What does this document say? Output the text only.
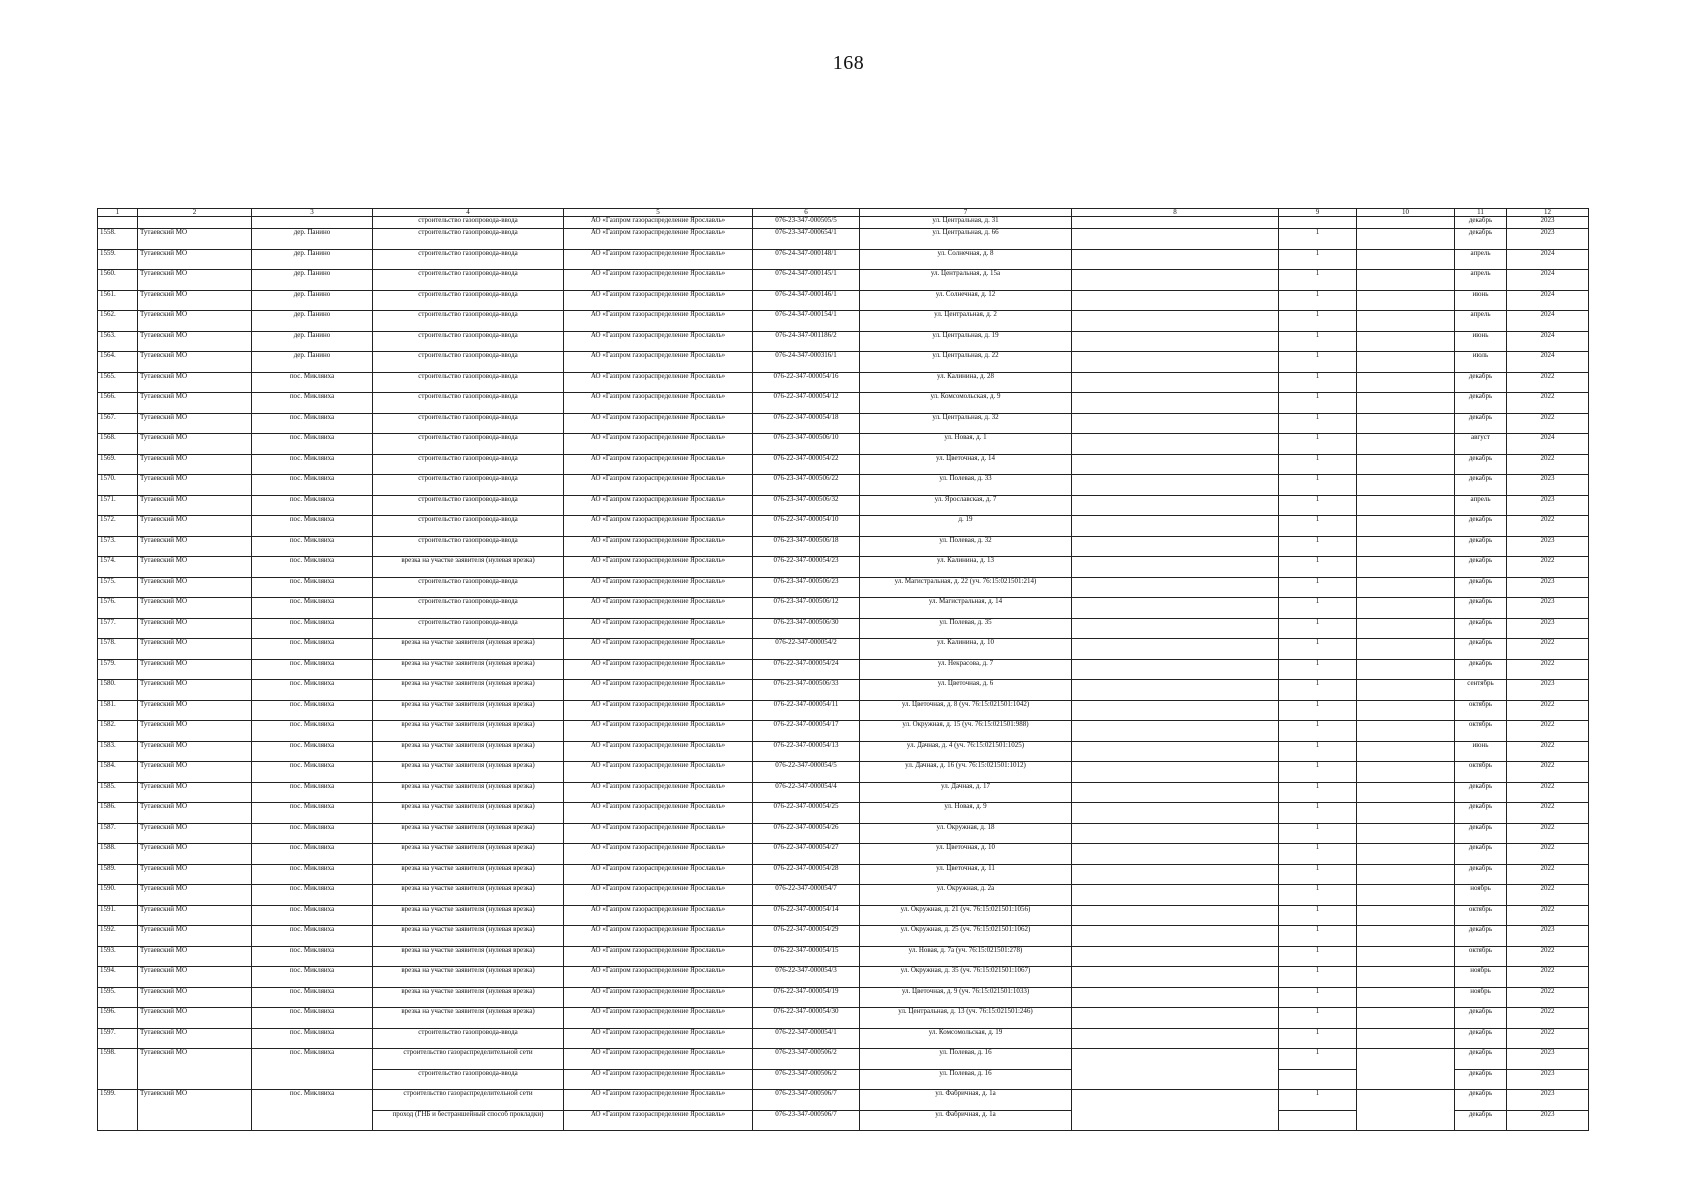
168
1	2	3	4	5	6	7	8	9	10	11	12
			строительство газопровода-ввода	АО «Газпром газораспределение Ярославль»	076-23-347-000505/5	ул. Центральная, д. 31				декабрь	2023
1558.	Тутаевский МО	дер. Панино	строительство газопровода-ввода	АО «Газпром газораспределение Ярославль»	076-23-347-000654/1	ул. Центральная, д. 66		1		декабрь	2023
1559.	Тутаевский МО	дер. Панино	строительство газопровода-ввода	АО «Газпром газораспределение Ярославль»	076-24-347-000148/1	ул. Солнечная, д. 8		1		апрель	2024
1560.	Тутаевский МО	дер. Панино	строительство газопровода-ввода	АО «Газпром газораспределение Ярославль»	076-24-347-000145/1	ул. Центральная, д. 15а		1		апрель	2024
1561.	Тутаевский МО	дер. Панино	строительство газопровода-ввода	АО «Газпром газораспределение Ярославль»	076-24-347-000146/1	ул. Солнечная, д. 12		1		июнь	2024
1562.	Тутаевский МО	дер. Панино	строительство газопровода-ввода	АО «Газпром газораспределение Ярославль»	076-24-347-000154/1	ул. Центральная, д. 2		1		апрель	2024
1563.	Тутаевский МО	дер. Панино	строительство газопровода-ввода	АО «Газпром газораспределение Ярославль»	076-24-347-001186/2	ул. Центральная, д. 19		1		июнь	2024
1564.	Тутаевский МО	дер. Панино	строительство газопровода-ввода	АО «Газпром газораспределение Ярославль»	076-24-347-000316/1	ул. Центральная, д. 22		1		июль	2024
1565.	Тутаевский МО	пос. Микляиха	строительство газопровода-ввода	АО «Газпром газораспределение Ярославль»	076-22-347-000054/16	ул. Калинина, д. 28		1		декабрь	2022
1566.	Тутаевский МО	пос. Микляиха	строительство газопровода-ввода	АО «Газпром газораспределение Ярославль»	076-22-347-000054/12	ул. Комсомольская, д. 9		1		декабрь	2022
1567.	Тутаевский МО	пос. Микляиха	строительство газопровода-ввода	АО «Газпром газораспределение Ярославль»	076-22-347-000054/18	ул. Центральная, д. 32		1		декабрь	2022
1568.	Тутаевский МО	пос. Микляиха	строительство газопровода-ввода	АО «Газпром газораспределение Ярославль»	076-23-347-000506/10	ул. Новая, д. 1		1		август	2024
1569.	Тутаевский МО	пос. Микляиха	строительство газопровода-ввода	АО «Газпром газораспределение Ярославль»	076-22-347-000054/22	ул. Цветочная, д. 14		1		декабрь	2022
1570.	Тутаевский МО	пос. Микляиха	строительство газопровода-ввода	АО «Газпром газораспределение Ярославль»	076-23-347-000506/22	ул. Полевая, д. 33		1		декабрь	2023
1571.	Тутаевский МО	пос. Микляиха	строительство газопровода-ввода	АО «Газпром газораспределение Ярославль»	076-23-347-000506/32	ул. Ярославская, д. 7		1		апрель	2023
1572.	Тутаевский МО	пос. Микляиха	строительство газопровода-ввода	АО «Газпром газораспределение Ярославль»	076-22-347-000054/10	д. 19		1		декабрь	2022
1573.	Тутаевский МО	пос. Микляиха	строительство газопровода-ввода	АО «Газпром газораспределение Ярославль»	076-23-347-000506/18	ул. Полевая, д. 32		1		декабрь	2023
1574.	Тутаевский МО	пос. Микляиха	врезка на участке заявителя (нулевая врезка)	АО «Газпром газораспределение Ярославль»	076-22-347-000054/23	ул. Калинина, д. 13		1		декабрь	2022
1575.	Тутаевский МО	пос. Микляиха	строительство газопровода-ввода	АО «Газпром газораспределение Ярославль»	076-23-347-000506/23	ул. Магистральная, д. 22 (уч. 76:15:021501:214)		1		декабрь	2023
1576.	Тутаевский МО	пос. Микляиха	строительство газопровода-ввода	АО «Газпром газораспределение Ярославль»	076-23-347-000506/12	ул. Магистральная, д. 14		1		декабрь	2023
1577.	Тутаевский МО	пос. Микляиха	строительство газопровода-ввода	АО «Газпром газораспределение Ярославль»	076-23-347-000506/30	ул. Полевая, д. 35		1		декабрь	2023
1578.	Тутаевский МО	пос. Микляиха	врезка на участке заявителя (нулевая врезка)	АО «Газпром газораспределение Ярославль»	076-22-347-000054/2	ул. Калинина, д. 10		1		декабрь	2022
1579.	Тутаевский МО	пос. Микляиха	врезка на участке заявителя (нулевая врезка)	АО «Газпром газораспределение Ярославль»	076-22-347-000054/24	ул. Некрасова, д. 7		1		декабрь	2022
1580.	Тутаевский МО	пос. Микляиха	врезка на участке заявителя (нулевая врезка)	АО «Газпром газораспределение Ярославль»	076-23-347-000506/33	ул. Цветочная, д. 6		1		сентябрь	2023
1581.	Тутаевский МО	пос. Микляиха	врезка на участке заявителя (нулевая врезка)	АО «Газпром газораспределение Ярославль»	076-22-347-000054/11	ул. Цветочная, д. 8 (уч. 76:15:021501:1042)		1		октябрь	2022
1582.	Тутаевский МО	пос. Микляиха	врезка на участке заявителя (нулевая врезка)	АО «Газпром газораспределение Ярославль»	076-22-347-000054/17	ул. Окружная, д. 15 (уч. 76:15:021501:988)		1		октябрь	2022
1583.	Тутаевский МО	пос. Микляиха	врезка на участке заявителя (нулевая врезка)	АО «Газпром газораспределение Ярославль»	076-22-347-000054/13	ул. Дачная, д. 4 (уч. 76:15:021501:1025)		1		июнь	2022
1584.	Тутаевский МО	пос. Микляиха	врезка на участке заявителя (нулевая врезка)	АО «Газпром газораспределение Ярославль»	076-22-347-000054/5	ул. Дачная, д. 16 (уч. 76:15:021501:1012)		1		октябрь	2022
1585.	Тутаевский МО	пос. Микляиха	врезка на участке заявителя (нулевая врезка)	АО «Газпром газораспределение Ярославль»	076-22-347-000054/4	ул. Дачная, д. 17		1		декабрь	2022
1586.	Тутаевский МО	пос. Микляиха	врезка на участке заявителя (нулевая врезка)	АО «Газпром газораспределение Ярославль»	076-22-347-000054/25	ул. Новая, д. 9		1		декабрь	2022
1587.	Тутаевский МО	пос. Микляиха	врезка на участке заявителя (нулевая врезка)	АО «Газпром газораспределение Ярославль»	076-22-347-000054/26	ул. Окружная, д. 18		1		декабрь	2022
1588.	Тутаевский МО	пос. Микляиха	врезка на участке заявителя (нулевая врезка)	АО «Газпром газораспределение Ярославль»	076-22-347-000054/27	ул. Цветочная, д. 10		1		декабрь	2022
1589.	Тутаевский МО	пос. Микляиха	врезка на участке заявителя (нулевая врезка)	АО «Газпром газораспределение Ярославль»	076-22-347-000054/28	ул. Цветочная, д. 11		1		декабрь	2022
1590.	Тутаевский МО	пос. Микляиха	врезка на участке заявителя (нулевая врезка)	АО «Газпром газораспределение Ярославль»	076-22-347-000054/7	ул. Окружная, д. 2а		1		ноябрь	2022
1591.	Тутаевский МО	пос. Микляиха	врезка на участке заявителя (нулевая врезка)	АО «Газпром газораспределение Ярославль»	076-22-347-000054/14	ул. Окружная, д. 21 (уч. 76:15:021501:1056)		1		октябрь	2022
1592.	Тутаевский МО	пос. Микляиха	врезка на участке заявителя (нулевая врезка)	АО «Газпром газораспределение Ярославль»	076-22-347-000054/29	ул. Окружная, д. 25 (уч. 76:15:021501:1062)		1		декабрь	2023
1593.	Тутаевский МО	пос. Микляиха	врезка на участке заявителя (нулевая врезка)	АО «Газпром газораспределение Ярославль»	076-22-347-000054/15	ул. Новая, д. 7а (уч. 76:15:021501:278)		1		октябрь	2022
1594.	Тутаевский МО	пос. Микляиха	врезка на участке заявителя (нулевая врезка)	АО «Газпром газораспределение Ярославль»	076-22-347-000054/3	ул. Окружная, д. 35 (уч. 76:15:021501:1067)		1		ноябрь	2022
1595.	Тутаевский МО	пос. Микляиха	врезка на участке заявителя (нулевая врезка)	АО «Газпром газораспределение Ярославль»	076-22-347-000054/19	ул. Цветочная, д. 9 (уч. 76:15:021501:1033)		1		ноябрь	2022
1596.	Тутаевский МО	пос. Микляиха	врезка на участке заявителя (нулевая врезка)	АО «Газпром газораспределение Ярославль»	076-22-347-000054/30	ул. Центральная, д. 13 (уч. 76:15:021501:246)		1		декабрь	2022
1597.	Тутаевский МО	пос. Микляиха	строительство газопровода-ввода	АО «Газпром газораспределение Ярославль»	076-22-347-000054/1	ул. Комсомольская, д. 19		1		декабрь	2022
1598.	Тутаевский МО	пос. Микляиха	строительство газораспределительной сети	АО «Газпром газораспределение Ярославль»	076-23-347-000506/2	ул. Полевая, д. 16		1		декабрь	2023
			строительство газопровода-ввода	АО «Газпром газораспределение Ярославль»	076-23-347-000506/2	ул. Полевая, д. 16				декабрь	2023
1599.	Тутаевский МО	пос. Микляиха	строительство газораспределительной сети	АО «Газпром газораспределение Ярославль»	076-23-347-000506/7	ул. Фабричная, д. 1а		1		декабрь	2023
			проход (ГНБ и бестраншейный способ прокладки)	АО «Газпром газораспределение Ярославль»	076-23-347-000506/7	ул. Фабричная, д. 1а				декабрь	2023
